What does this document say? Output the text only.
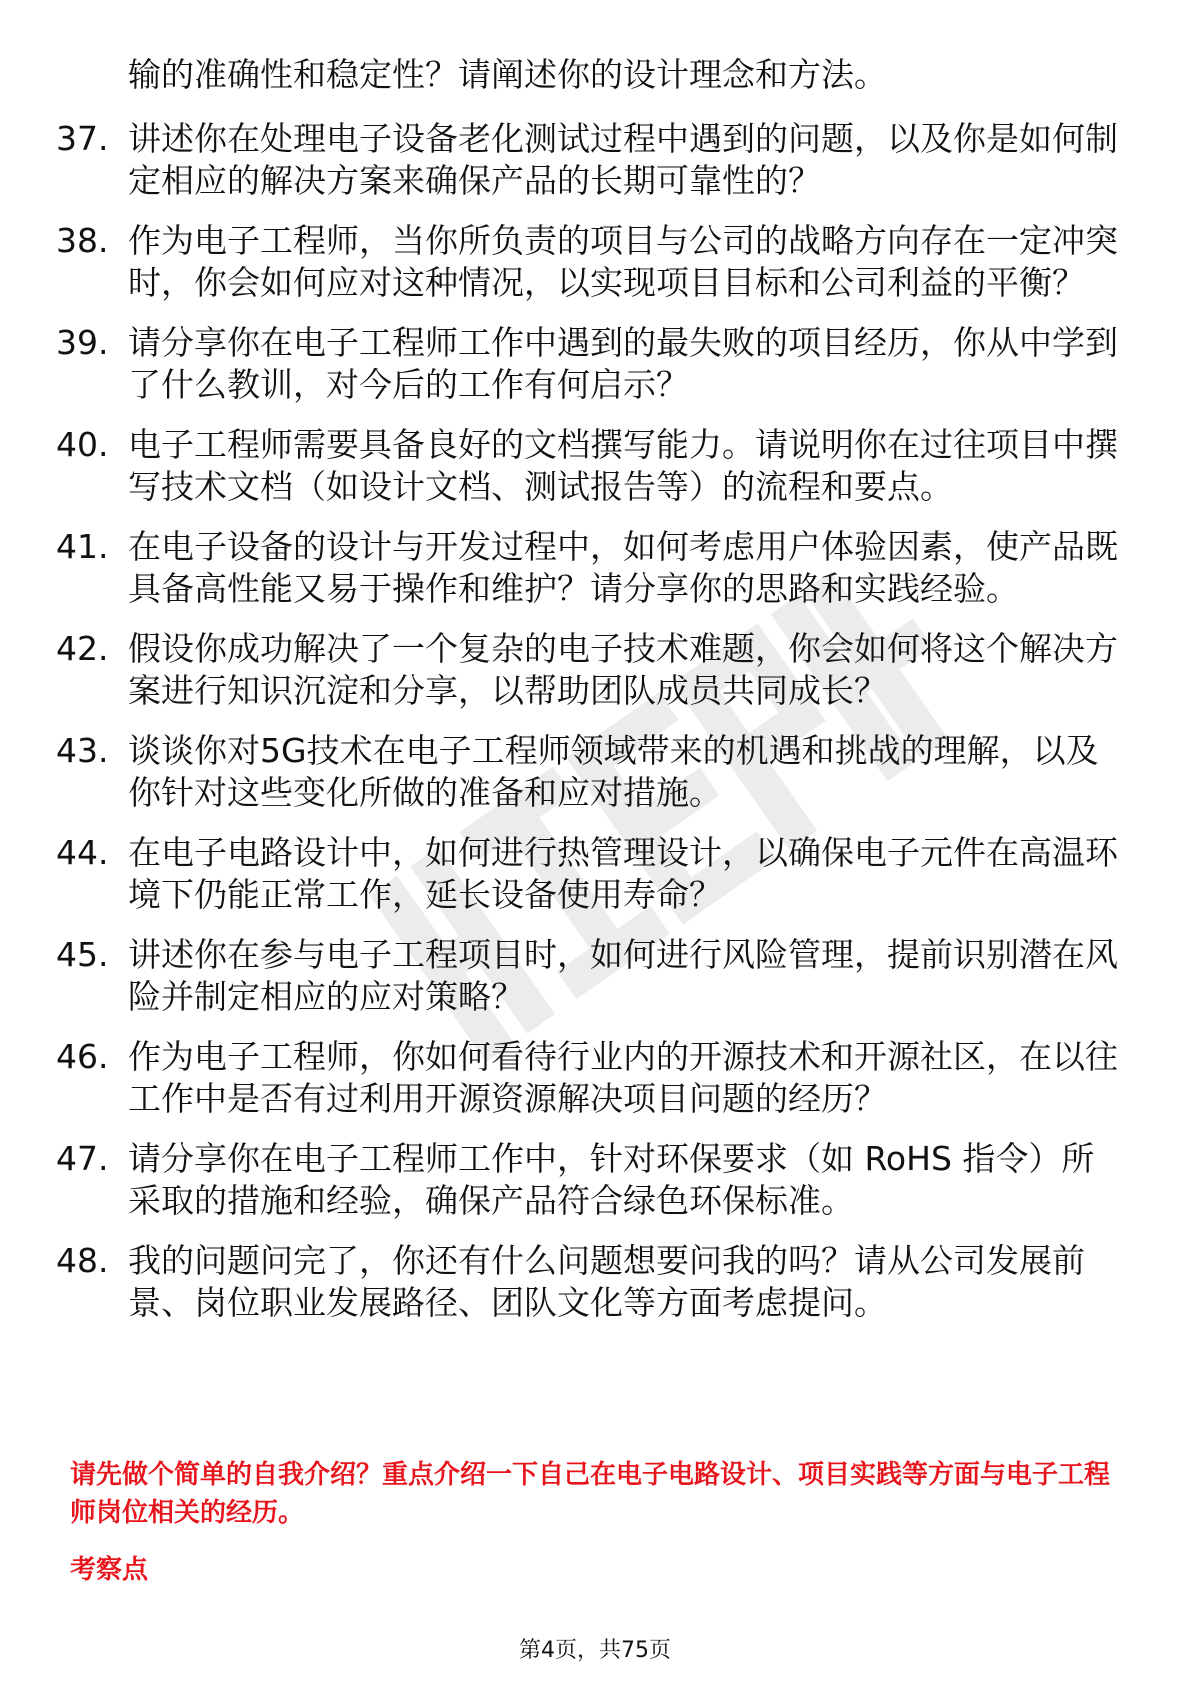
输的准确性和稳定性？请阐述你的设计理念和方法。
37. 讲述你在处理电子设备老化测试过程中遇到的问题，以及你是如何制定相应的解决方案来确保产品的长期可靠性的？
38. 作为电子工程师，当你所负责的项目与公司的战略方向存在一定冲突时，你会如何应对这种情况，以实现项目目标和公司利益的平衡？
39. 请分享你在电子工程师工作中遇到的最失败的项目经历，你从中学到了什么教训，对今后的工作有何启示？
40. 电子工程师需要具备良好的文档撰写能力。请说明你在过往项目中撰写技术文档（如设计文档、测试报告等）的流程和要点。
41. 在电子设备的设计与开发过程中，如何考虑用户体验因素，使产品既具备高性能又易于操作和维护？请分享你的思路和实践经验。
42. 假设你成功解决了一个复杂的电子技术难题，你会如何将这个解决方案进行知识沉淀和分享，以帮助团队成员共同成长？
43. 谈谈你对5G技术在电子工程师领域带来的机遇和挑战的理解，以及你针对这些变化所做的准备和应对措施。
44. 在电子电路设计中，如何进行热管理设计，以确保电子元件在高温环境下仍能正常工作，延长设备使用寿命？
45. 讲述你在参与电子工程项目时，如何进行风险管理，提前识别潜在风险并制定相应的应对策略？
46. 作为电子工程师，你如何看待行业内的开源技术和开源社区，在以往工作中是否有过利用开源资源解决项目问题的经历？
47. 请分享你在电子工程师工作中，针对环保要求（如 RoHS 指令）所采取的措施和经验，确保产品符合绿色环保标准。
48. 我的问题问完了，你还有什么问题想要问我的吗？请从公司发展前景、岗位职业发展路径、团队文化等方面考虑提问。
请先做个简单的自我介绍？重点介绍一下自己在电子电路设计、项目实践等方面与电子工程师岗位相关的经历。
考察点
第4页，共75页
